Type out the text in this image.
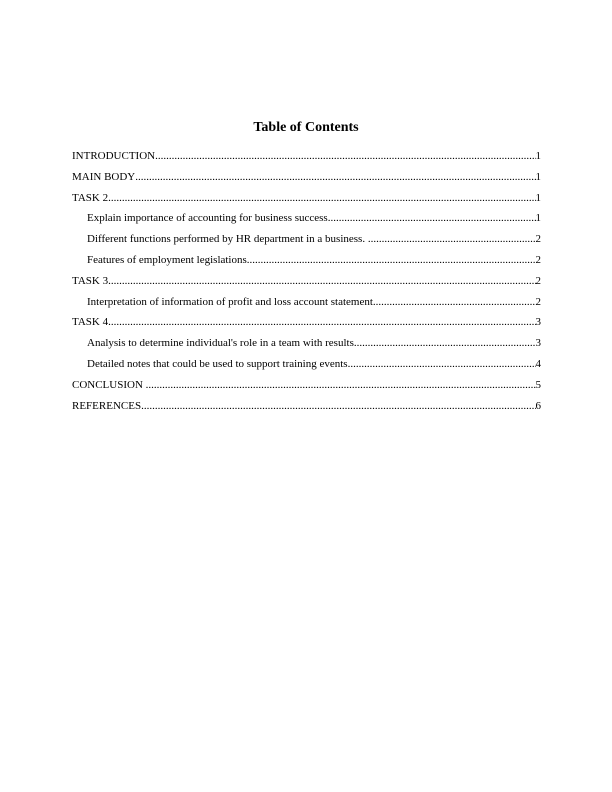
Table of Contents
INTRODUCTION .....	1
MAIN BODY .....	1
TASK 2 .....	1
Explain importance of accounting for business success. .....	1
Different functions performed by HR department in a business. .....	2
Features of employment legislations .....	2
TASK 3 .....	2
Interpretation of information of profit and loss account statement .....	2
TASK 4 .....	3
Analysis to determine individual's role in a team with results .....	3
Detailed notes that could be used to support training events .....	4
CONCLUSION .....	5
REFERENCES .....	6
